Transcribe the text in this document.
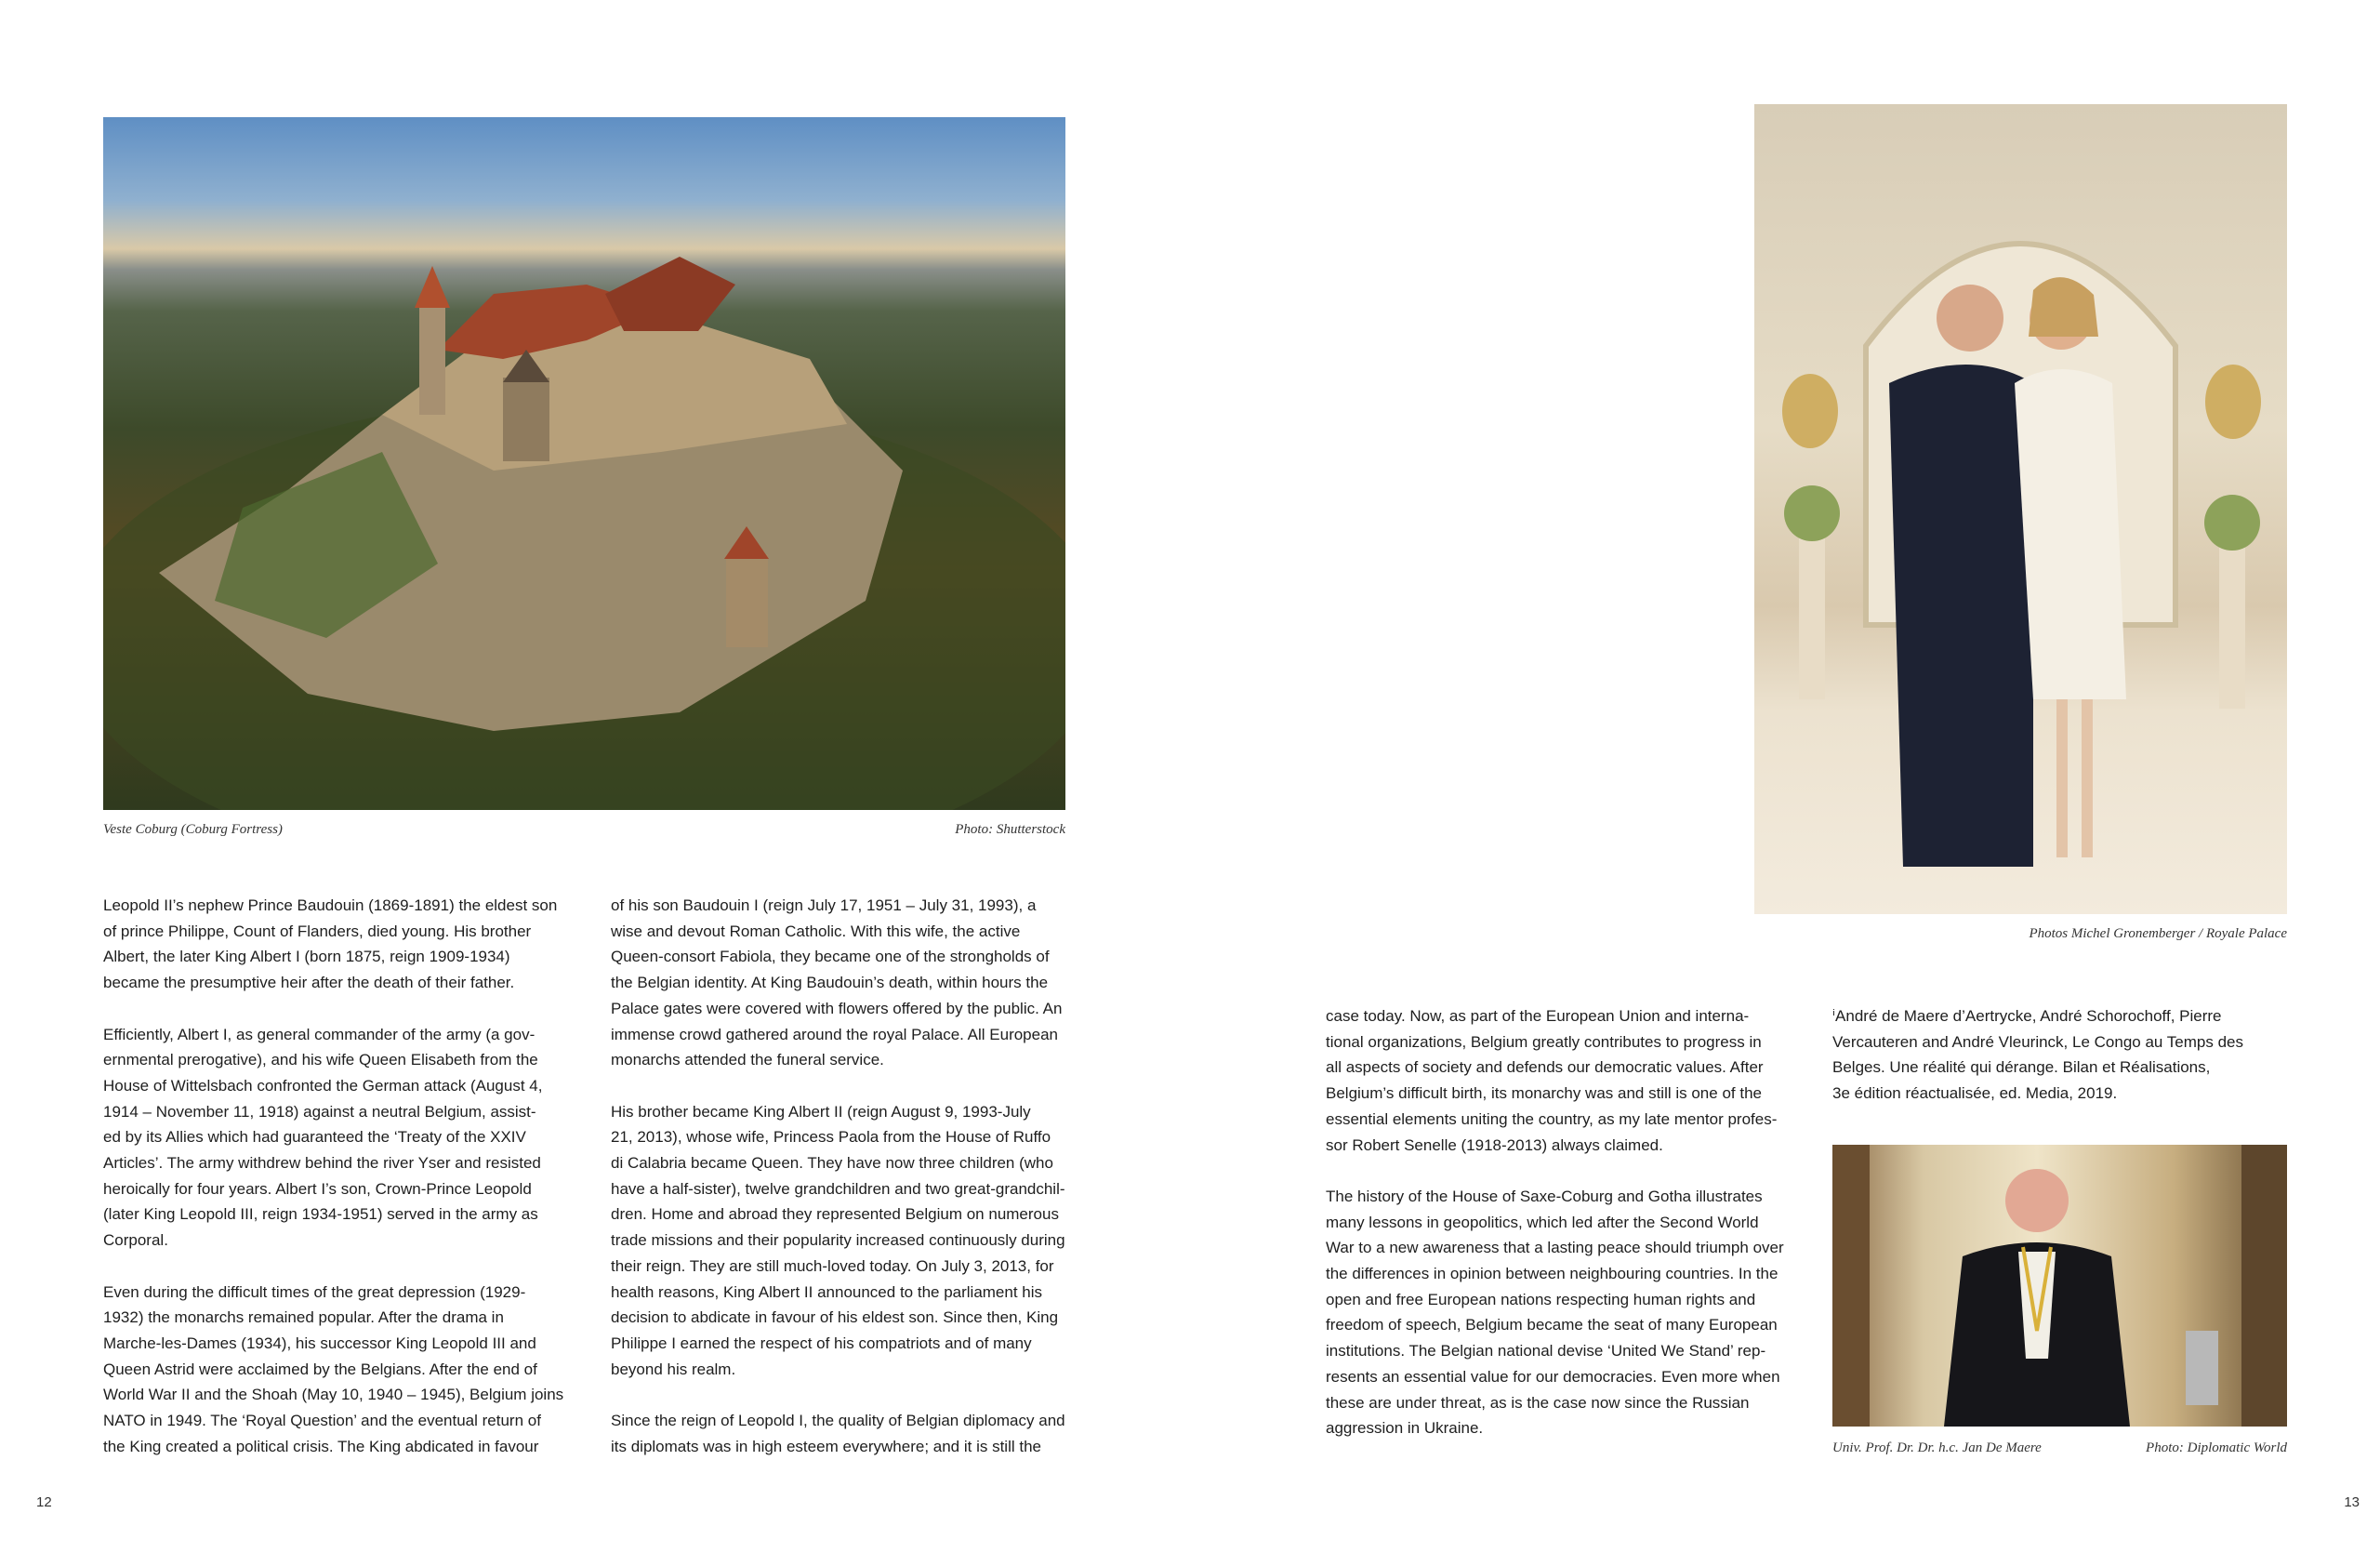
Veste Coburg (Coburg Fortress)	Photo: Shutterstock

Leopold II’s nephew Prince Baudouin (1869-1891) the eldest son
of prince Philippe, Count of Flanders, died young. His brother
Albert, the later King Albert I (born 1875, reign 1909-1934)
became the presumptive heir after the death of their father.

Efficiently, Albert I, as general commander of the army (a gov-
ernmental prerogative), and his wife Queen Elisabeth from the
House of Wittelsbach confronted the German attack (August 4,
1914 – November 11, 1918) against a neutral Belgium, assist-
ed by its Allies which had guaranteed the ‘Treaty of the XXIV
Articles’. The army withdrew behind the river Yser and resisted
heroically for four years. Albert I’s son, Crown-Prince Leopold
(later King Leopold III, reign 1934-1951) served in the army as
Corporal.

Even during the difficult times of the great depression (1929-
1932) the monarchs remained popular. After the drama in
Marche-les-Dames (1934), his successor King Leopold III and
Queen Astrid were acclaimed by the Belgians. After the end of
World War II and the Shoah (May 10, 1940 – 1945), Belgium joins
NATO in 1949. The ‘Royal Question’ and the eventual return of
the King created a political crisis. The King abdicated in favour

of his son Baudouin I (reign July 17, 1951 – July 31, 1993), a
wise and devout Roman Catholic. With this wife, the active
Queen-consort Fabiola, they became one of the strongholds of
the Belgian identity. At King Baudouin’s death, within hours the
Palace gates were covered with flowers offered by the public. An
immense crowd gathered around the royal Palace. All European
monarchs attended the funeral service.

His brother became King Albert II (reign August 9, 1993-July
21, 2013), whose wife, Princess Paola from the House of Ruffo
di Calabria became Queen. They have now three children (who
have a half-sister), twelve grandchildren and two great-grandchil-
dren. Home and abroad they represented Belgium on numerous
trade missions and their popularity increased continuously during
their reign. They are still much-loved today. On July 3, 2013, for
health reasons, King Albert II announced to the parliament his
decision to abdicate in favour of his eldest son. Since then, King
Philippe I earned the respect of his compatriots and of many
beyond his realm.

Since the reign of Leopold I, the quality of Belgian diplomacy and
its diplomats was in high esteem everywhere; and it is still the

Photos Michel Gronemberger / Royale Palace

case today. Now, as part of the European Union and interna-
tional organizations, Belgium greatly contributes to progress in
all aspects of society and defends our democratic values. After
Belgium’s difficult birth, its monarchy was and still is one of the
essential elements uniting the country, as my late mentor profes-
sor Robert Senelle (1918-2013) always claimed.

The history of the House of Saxe-Coburg and Gotha illustrates
many lessons in geopolitics, which led after the Second World
War to a new awareness that a lasting peace should triumph over
the differences in opinion between neighbouring countries. In the
open and free European nations respecting human rights and
freedom of speech, Belgium became the seat of many European
institutions. The Belgian national devise ‘United We Stand’ rep-
resents an essential value for our democracies. Even more when
these are under threat, as is the case now since the Russian
aggression in Ukraine.

ⁱAndré de Maere d’Aertrycke, André Schorochoff, Pierre
Vercauteren and André Vleurinck, Le Congo au Temps des
Belges. Une réalité qui dérange. Bilan et Réalisations,
3e édition réactualisée, ed. Media, 2019.

Univ. Prof. Dr. Dr. h.c. Jan De Maere	Photo: Diplomatic World
12	13
